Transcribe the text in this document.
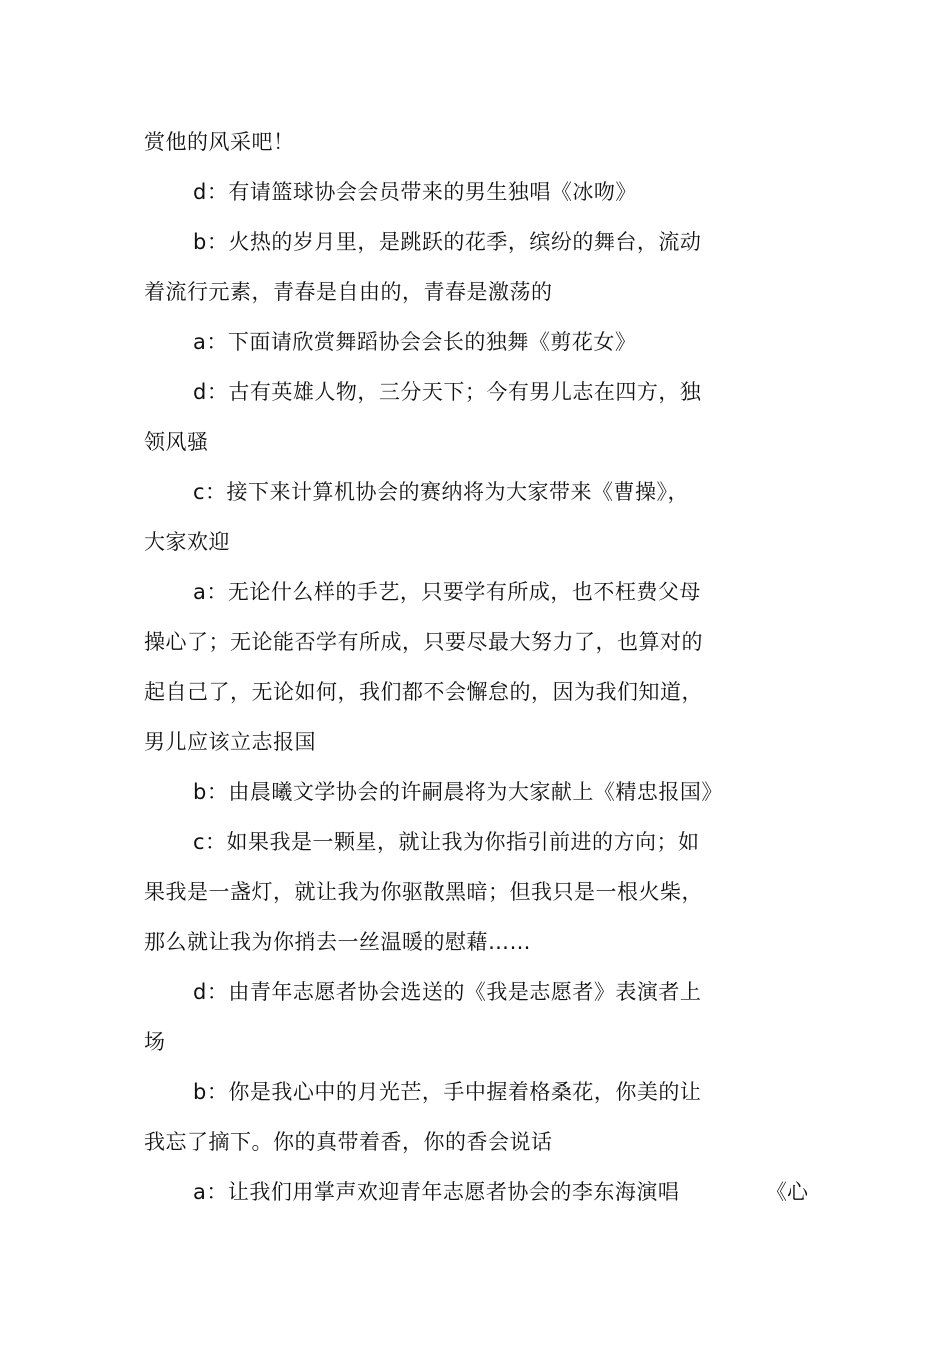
赏他的风采吧！
d：有请篮球协会会员带来的男生独唱《冰吻》
b：火热的岁月里，是跳跃的花季，缤纷的舞台，流动
着流行元素，青春是自由的，青春是激荡的
a：下面请欣赏舞蹈协会会长的独舞《剪花女》
d：古有英雄人物，三分天下；今有男儿志在四方，独
领风骚
c：接下来计算机协会的赛纳将为大家带来《曹操》，
大家欢迎
a：无论什么样的手艺，只要学有所成，也不枉费父母
操心了；无论能否学有所成，只要尽最大努力了，也算对的
起自己了，无论如何，我们都不会懈怠的，因为我们知道，
男儿应该立志报国
b：由晨曦文学协会的许嗣晨将为大家献上《精忠报国》
c：如果我是一颗星，就让我为你指引前进的方向；如
果我是一盏灯，就让我为你驱散黑暗；但我只是一根火柴，
那么就让我为你捎去一丝温暖的慰藉……
d：由青年志愿者协会选送的《我是志愿者》表演者上
场
b：你是我心中的月光芒，手中握着格桑花，你美的让
我忘了摘下。你的真带着香，你的香会说话
a：让我们用掌声欢迎青年志愿者协会的李东海演唱	《心
